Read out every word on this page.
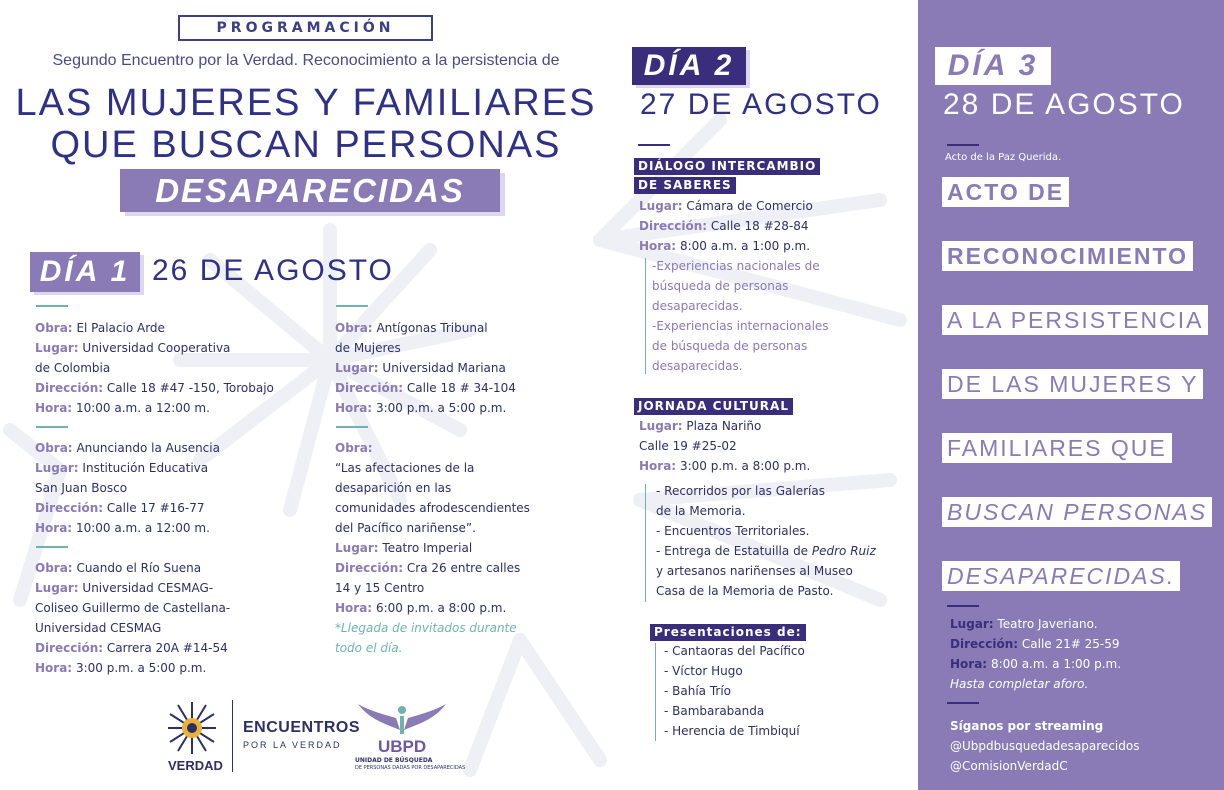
PROGRAMACIÓN
Segundo Encuentro por la Verdad. Reconocimiento a la persistencia de
LAS MUJERES Y FAMILIARES
QUE BUSCAN PERSONAS
DESAPARECIDAS
DÍA 1 26 DE AGOSTO
Obra: El Palacio Arde
Lugar: Universidad Cooperativa
de Colombia
Dirección: Calle 18 #47 -150, Torobajo
Hora: 10:00 a.m. a 12:00 m.
Obra: Anunciando la Ausencia
Lugar: Institución Educativa
San Juan Bosco
Dirección: Calle 17 #16-77
Hora: 10:00 a.m. a 12:00 m.
Obra: Cuando el Río Suena
Lugar: Universidad CESMAG-
Coliseo Guillermo de Castellana-
Universidad CESMAG
Dirección: Carrera 20A #14-54
Hora: 3:00 p.m. a 5:00 p.m.
Obra: Antígonas Tribunal
de Mujeres
Lugar: Universidad Mariana
Dirección: Calle 18 # 34-104
Hora: 3:00 p.m. a 5:00 p.m.
Obra:
“Las afectaciones de la
desaparición en las
comunidades afrodescendientes
del Pacífico nariñense”.
Lugar: Teatro Imperial
Dirección: Cra 26 entre calles
14 y 15 Centro
Hora: 6:00 p.m. a 8:00 p.m.
*Llegada de invitados durante
todo el día.
VERDAD
ENCUENTROS
POR LA VERDAD UBPD
UNIDAD DE BÚSQUEDA
DE PERSONAS DADAS POR DESAPARECIDAS
DÍA 2
27 DE AGOSTO
DIÁLOGO INTERCAMBIO
DE SABERES
Lugar: Cámara de Comercio
Dirección: Calle 18 #28-84
Hora: 8:00 a.m. a 1:00 p.m.
-Experiencias nacionales de
búsqueda de personas
desaparecidas.
-Experiencias internacionales
de búsqueda de personas
desaparecidas.
JORNADA CULTURAL
Lugar: Plaza Nariño
Calle 19 #25-02
Hora: 3:00 p.m. a 8:00 p.m.
- Recorridos por las Galerías
de la Memoria.
- Encuentros Territoriales.
- Entrega de Estatuilla de Pedro Ruiz
y artesanos nariñenses al Museo
Casa de la Memoria de Pasto.
Presentaciones de:
- Cantaoras del Pacífico
- Víctor Hugo
- Bahía Trío
- Bambarabanda
- Herencia de Timbiquí
DÍA 3
28 DE AGOSTO
Acto de la Paz Querida.
ACTO DE
RECONOCIMIENTO
A LA PERSISTENCIA
DE LAS MUJERES Y
FAMILIARES QUE
BUSCAN PERSONAS
DESAPARECIDAS.
Lugar: Teatro Javeriano.
Dirección: Calle 21# 25-59
Hora: 8:00 a.m. a 1:00 p.m.
Hasta completar aforo.
Síganos por streaming
@Ubpdbusquedadesaparecidos
@ComisionVerdadC
